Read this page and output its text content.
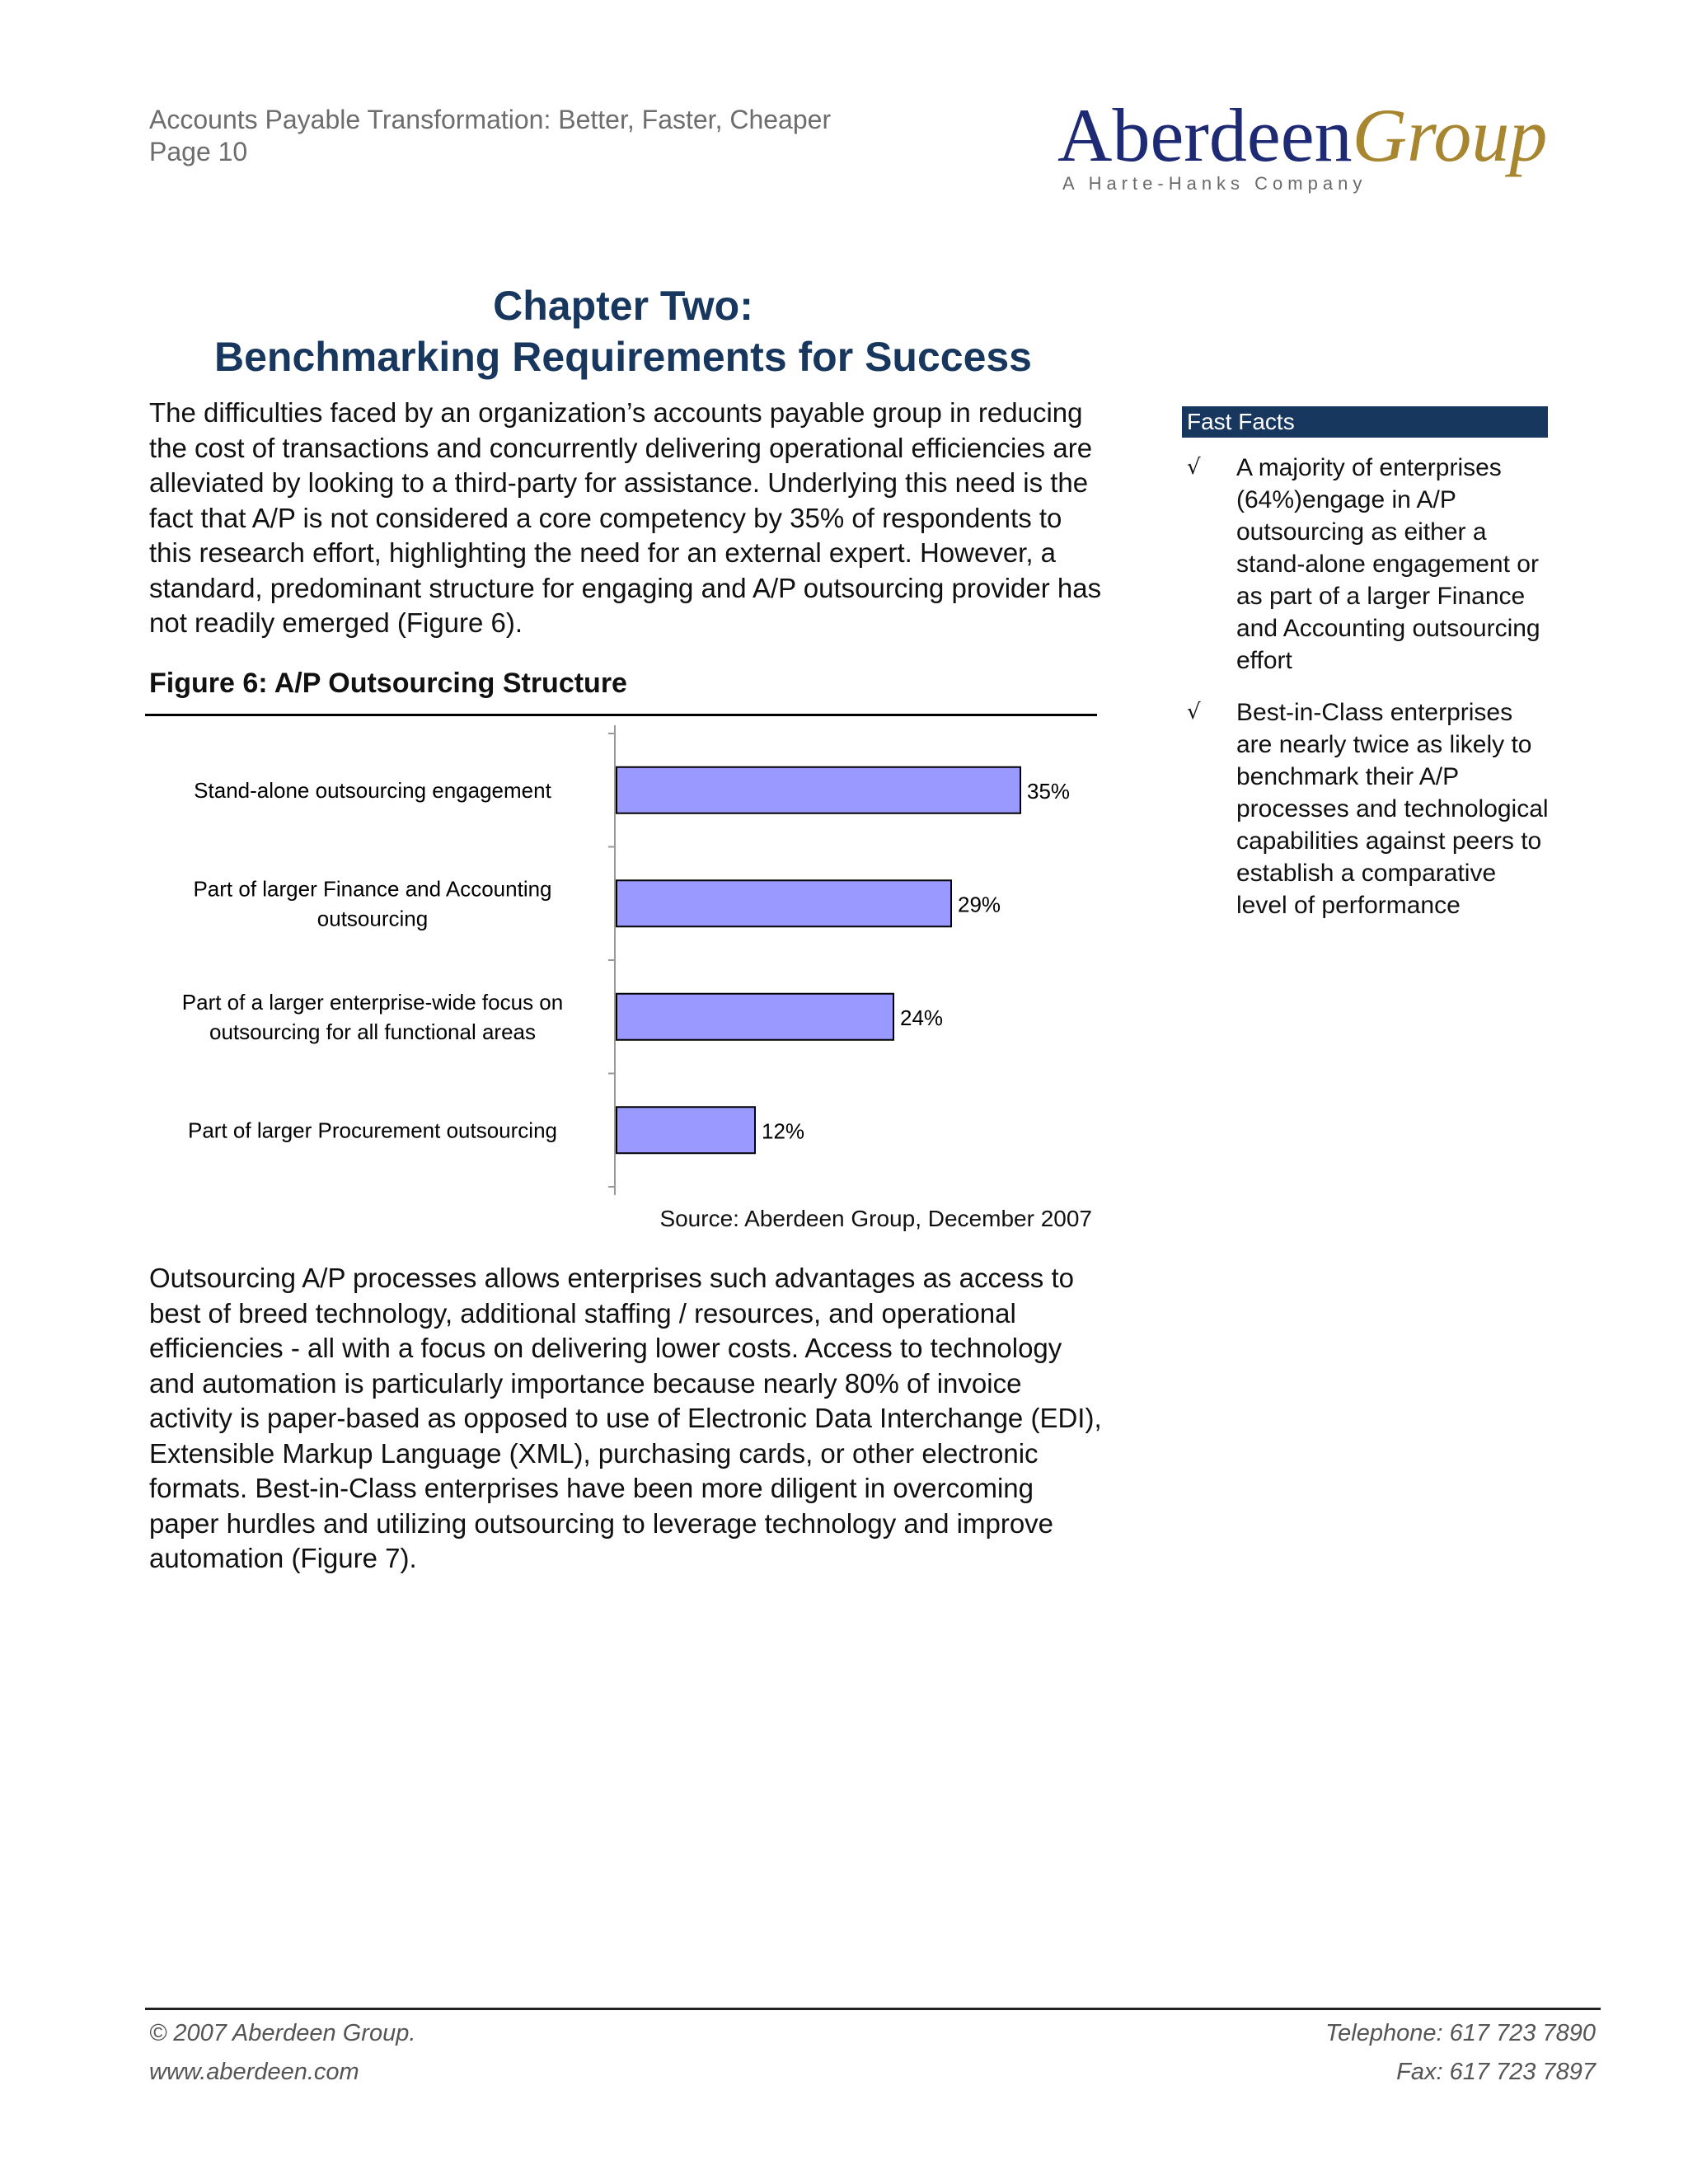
Accounts Payable Transformation: Better, Faster, Cheaper
Page 10	AberdeenGroup
A Harte-Hanks Company
Chapter Two:
Benchmarking Requirements for Success
The difficulties faced by an organization’s accounts payable group in reducing the cost of transactions and concurrently delivering operational efficiencies are alleviated by looking to a third-party for assistance. Underlying this need is the fact that A/P is not considered a core competency by 35% of respondents to this research effort, highlighting the need for an external expert. However, a standard, predominant structure for engaging and A/P outsourcing provider has not readily emerged (Figure 6).
Figure 6: A/P Outsourcing Structure
35%
Stand-alone outsourcing engagement
29%
Part of larger Finance and Accounting
outsourcing
24%
Part of a larger enterprise-wide focus on
outsourcing for all functional areas
12%
Part of larger Procurement outsourcing
Source: Aberdeen Group, December 2007
Outsourcing A/P processes allows enterprises such advantages as access to best of breed technology, additional staffing / resources, and operational efficiencies - all with a focus on delivering lower costs. Access to technology and automation is particularly importance because nearly 80% of invoice activity is paper-based as opposed to use of Electronic Data Interchange (EDI), Extensible Markup Language (XML), purchasing cards, or other electronic formats. Best-in-Class enterprises have been more diligent in overcoming paper hurdles and utilizing outsourcing to leverage technology and improve automation (Figure 7).
Fast Facts
√ A majority of enterprises (64%)engage in A/P outsourcing as either a stand-alone engagement or as part of a larger Finance and Accounting outsourcing effort
√ Best-in-Class enterprises are nearly twice as likely to benchmark their A/P processes and technological capabilities against peers to establish a comparative level of performance
© 2007 Aberdeen Group.
www.aberdeen.com
Telephone: 617 723 7890
Fax: 617 723 7897
